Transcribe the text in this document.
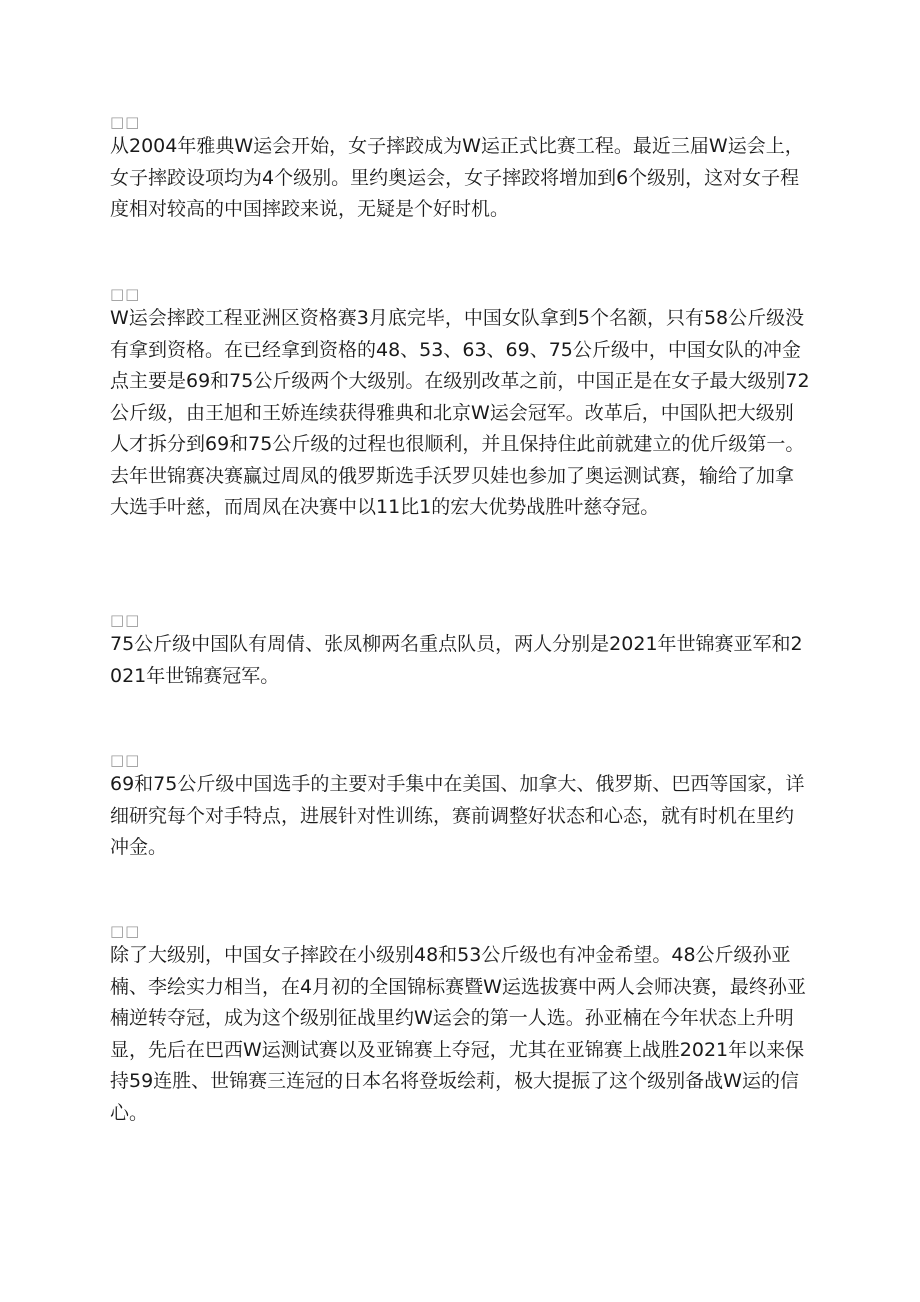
□□

从2004年雅典W运会开始，女子摔跤成为W运正式比赛工程。最近三届W运会上，女子摔跤设项均为4个级别。里约奥运会，女子摔跤将增加到6个级别，这对女子程度相对较高的中国摔跤来说，无疑是个好时机。

□□

W运会摔跤工程亚洲区资格赛3月底完毕，中国女队拿到5个名额，只有58公斤级没有拿到资格。在已经拿到资格的48、53、63、69、75公斤级中，中国女队的冲金点主要是69和75公斤级两个大级别。在级别改革之前，中国正是在女子最大级别72公斤级，由王旭和王娇连续获得雅典和北京W运会冠军。改革后，中国队把大级别人才拆分到69和75公斤级的过程也很顺利，并且保持住此前就建立的优斤级第一。去年世锦赛决赛赢过周凤的俄罗斯选手沃罗贝娃也参加了奥运测试赛，输给了加拿大选手叶慈，而周凤在决赛中以11比1的宏大优势战胜叶慈夺冠。

□□

75公斤级中国队有周倩、张凤柳两名重点队员，两人分别是2021年世锦赛亚军和2021年世锦赛冠军。

□□

69和75公斤级中国选手的主要对手集中在美国、加拿大、俄罗斯、巴西等国家，详细研究每个对手特点，进展针对性训练，赛前调整好状态和心态，就有时机在里约冲金。

□□

除了大级别，中国女子摔跤在小级别48和53公斤级也有冲金希望。48公斤级孙亚楠、李绘实力相当，在4月初的全国锦标赛暨W运选拔赛中两人会师决赛，最终孙亚楠逆转夺冠，成为这个级别征战里约W运会的第一人选。孙亚楠在今年状态上升明显，先后在巴西W运测试赛以及亚锦赛上夺冠，尤其在亚锦赛上战胜2021年以来保持59连胜、世锦赛三连冠的日本名将登坂绘莉，极大提振了这个级别备战W运的信心。
